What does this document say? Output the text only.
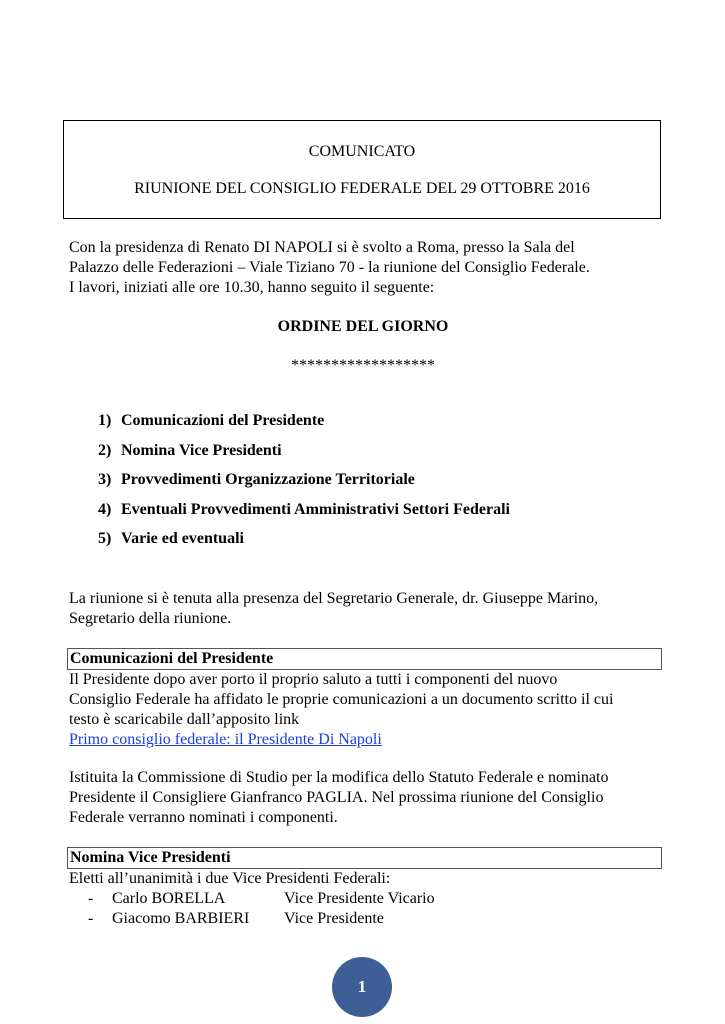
COMUNICATO
RIUNIONE DEL CONSIGLIO FEDERALE DEL 29 OTTOBRE 2016
Con la presidenza di Renato DI NAPOLI si è svolto a Roma, presso la Sala del
Palazzo delle Federazioni – Viale Tiziano 70 - la riunione del Consiglio Federale.
I lavori, iniziati alle ore 10.30, hanno seguito il seguente:
ORDINE DEL GIORNO
******************
1) Comunicazioni del Presidente
2) Nomina Vice Presidenti
3) Provvedimenti Organizzazione Territoriale
4) Eventuali Provvedimenti Amministrativi Settori Federali
5) Varie ed eventuali
La riunione si è tenuta alla presenza del Segretario Generale, dr. Giuseppe Marino,
Segretario della riunione.
Comunicazioni del Presidente
Il Presidente dopo aver porto il proprio saluto a tutti i componenti del nuovo
Consiglio Federale ha affidato le proprie comunicazioni a un documento scritto il cui
testo è scaricabile dall’apposito link
Primo consiglio federale: il Presidente Di Napoli
Istituita la Commissione di Studio per la modifica dello Statuto Federale e nominato
Presidente il Consigliere Gianfranco PAGLIA. Nel prossima riunione del Consiglio
Federale verranno nominati i componenti.
Nomina Vice Presidenti
Eletti all’unanimità i due Vice Presidenti Federali:
- Carlo BORELLA	Vice Presidente Vicario
- Giacomo BARBIERI Vice Presidente
1
